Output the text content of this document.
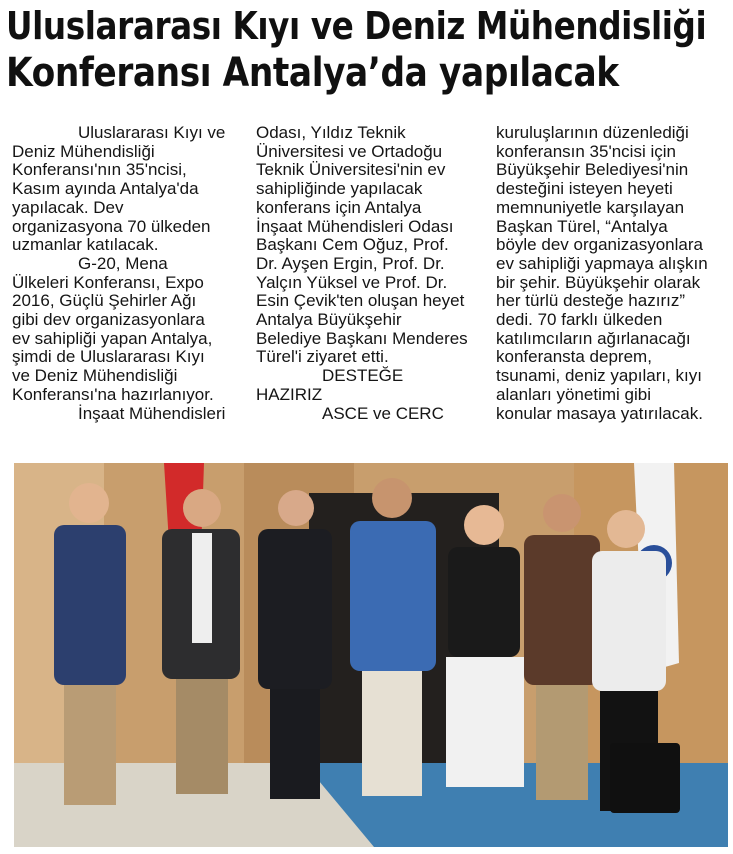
Uluslararası Kıyı ve Deniz Mühendisliği
Konferansı Antalya’da yapılacak

Uluslararası Kıyı ve

Deniz Mühendisliği

Konferansı'nın 35'ncisi,

Kasım ayında Antalya'da

yapılacak. Dev

organizasyona 70 ülkeden

uzmanlar katılacak.

G-20, Mena

Ülkeleri Konferansı, Expo

2016, Güçlü Şehirler Ağı

gibi dev organizasyonlara

ev sahipliği yapan Antalya,

şimdi de Uluslararası Kıyı

ve Deniz Mühendisliği

Konferansı'na hazırlanıyor.

İnşaat Mühendisleri

Odası, Yıldız Teknik

Üniversitesi ve Ortadoğu

Teknik Üniversitesi'nin ev

sahipliğinde yapılacak

konferans için Antalya

İnşaat Mühendisleri Odası

Başkanı Cem Oğuz, Prof.

Dr. Ayşen Ergin, Prof. Dr.

Yalçın Yüksel ve Prof. Dr.

Esin Çevik'ten oluşan heyet

Antalya Büyükşehir

Belediye Başkanı Menderes

Türel'i ziyaret etti.

DESTEĞE

HAZIRIZ

ASCE ve CERC

kuruluşlarının düzenlediği

konferansın 35'ncisi için

Büyükşehir Belediyesi'nin

desteğini isteyen heyeti

memnuniyetle karşılayan

Başkan Türel, “Antalya

böyle dev organizasyonlara

ev sahipliği yapmaya alışkın

bir şehir. Büyükşehir olarak

her türlü desteğe hazırız”

dedi. 70 farklı ülkeden

katılımcıların ağırlanacağı

konferansta deprem,

tsunami, deniz yapıları, kıyı

alanları yönetimi gibi

konular masaya yatırılacak.
